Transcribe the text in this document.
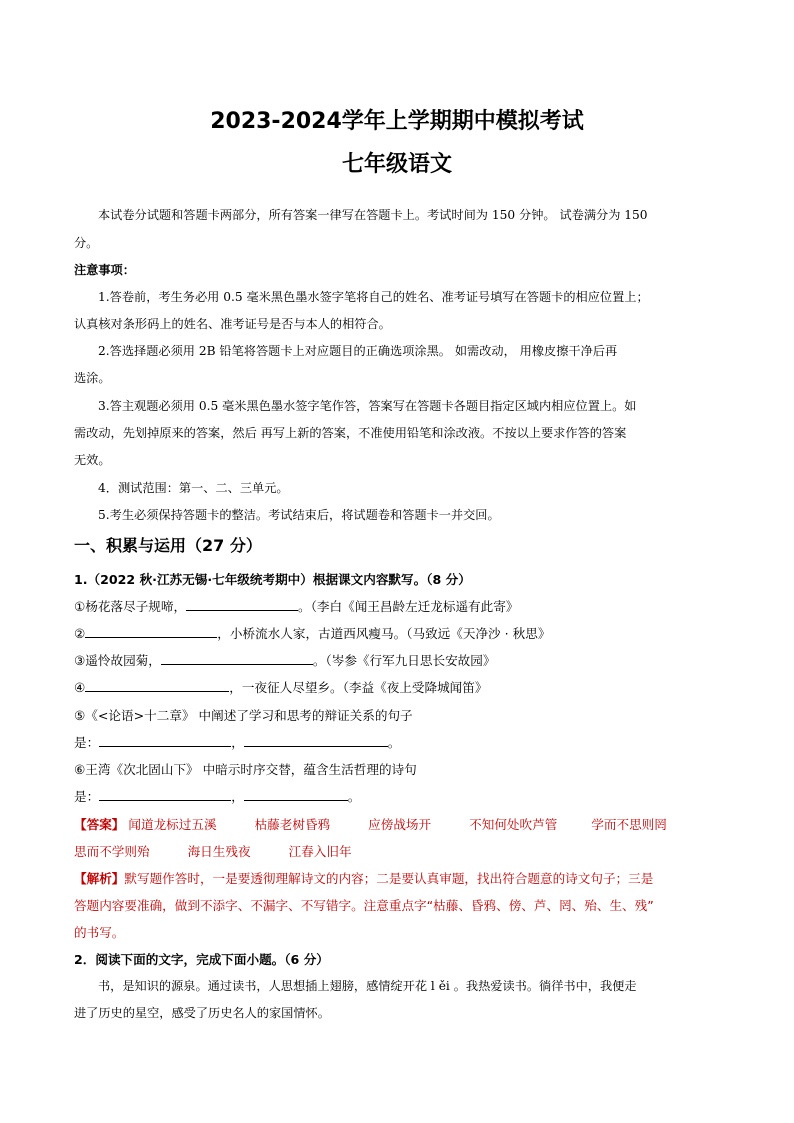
2023-2024学年上学期期中模拟考试
七年级语文
本试卷分试题和答题卡两部分，所有答案一律写在答题卡上。考试时间为 150 分钟。 试卷满分为 150
分。
注意事项：
1.答卷前，考生务必用 0.5 毫米黑色墨水签字笔将自己的姓名、准考证号填写在答题卡的相应位置上；
认真核对条形码上的姓名、准考证号是否与本人的相符合。
2.答选择题必须用 2B 铅笔将答题卡上对应题目的正确选项涂黑。 如需改动， 用橡皮擦干净后再
选涂。
3.答主观题必须用 0.5 毫米黑色墨水签字笔作答，答案写在答题卡各题目指定区域内相应位置上。如
需改动，先划掉原来的答案，然后 再写上新的答案，不准使用铅笔和涂改液。不按以上要求作答的答案
无效。
4．测试范围：第一、二、三单元。
5.考生必须保持答题卡的整洁。考试结束后，将试题卷和答题卡一并交回。
一、积累与运用（27 分）
1.（2022 秋·江苏无锡·七年级统考期中）根据课文内容默写。（8 分）
①杨花落尽子规啼，	。（李白《闻王昌龄左迁龙标遥有此寄》
②	，小桥流水人家，古道西风瘦马。（马致远《天净沙 · 秋思》
③遥怜故园菊，	。（岑参《行军九日思长安故园》
④	，一夜征人尽望乡。（李益《夜上受降城闻笛》
⑤《<论语>十二章》 中阐述了学习和思考的辩证关系的句子
是：	，	。
⑥王湾《次北固山下》 中暗示时序交替，蕴含生活哲理的诗句
是：	，	。
【答案】 闻道龙标过五溪	枯藤老树昏鸦	应傍战场开	不知何处吹芦管	学而不思则罔
思而不学则殆	海日生残夜	江春入旧年
【解析】默写题作答时，一是要透彻理解诗文的内容；二是要认真审题，找出符合题意的诗文句子；三是
答题内容要准确，做到不添字、不漏字、不写错字。注意重点字“枯藤、昏鸦、傍、芦、罔、殆、生、残”
的书写。
2．阅读下面的文字，完成下面小题。（6 分）
书，是知识的源泉。通过读书，人思想插上翅膀，感情绽开花 l ěi 。我热爱读书。徜徉书中，我便走
进了历史的星空，感受了历史名人的家国情怀。
